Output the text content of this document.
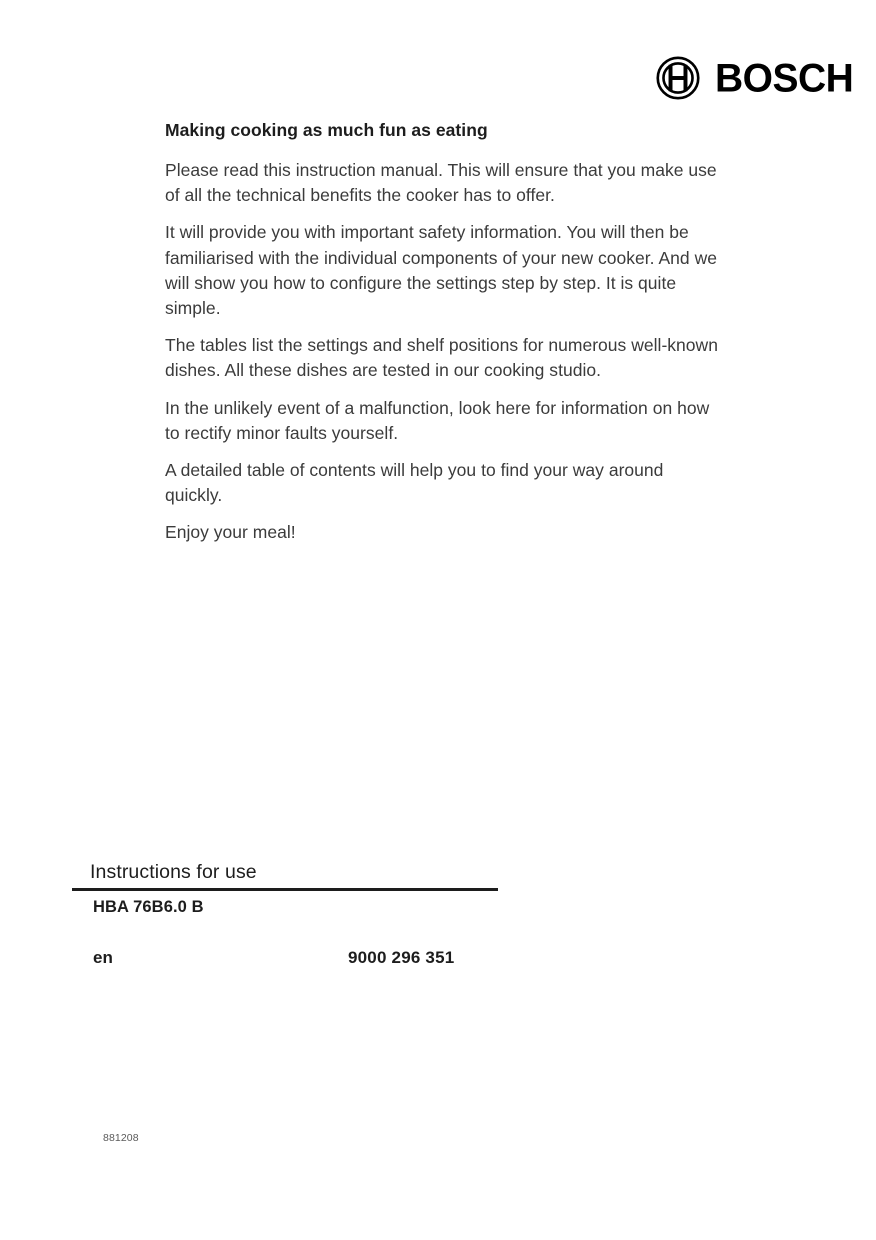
BOSCH
Making cooking as much fun as eating

Please read this instruction manual. This will ensure that you make use of all the technical benefits the cooker has to offer.

It will provide you with important safety information. You will then be familiarised with the individual components of your new cooker. And we will show you how to configure the settings step by step. It is quite simple.

The tables list the settings and shelf positions for numerous well-known dishes. All these dishes are tested in our cooking studio.

In the unlikely event of a malfunction, look here for information on how to rectify minor faults yourself.

A detailed table of contents will help you to find your way around quickly.

Enjoy your meal!

Instructions for use
HBA 76B6.0 B
en	9000 296 351
881208
